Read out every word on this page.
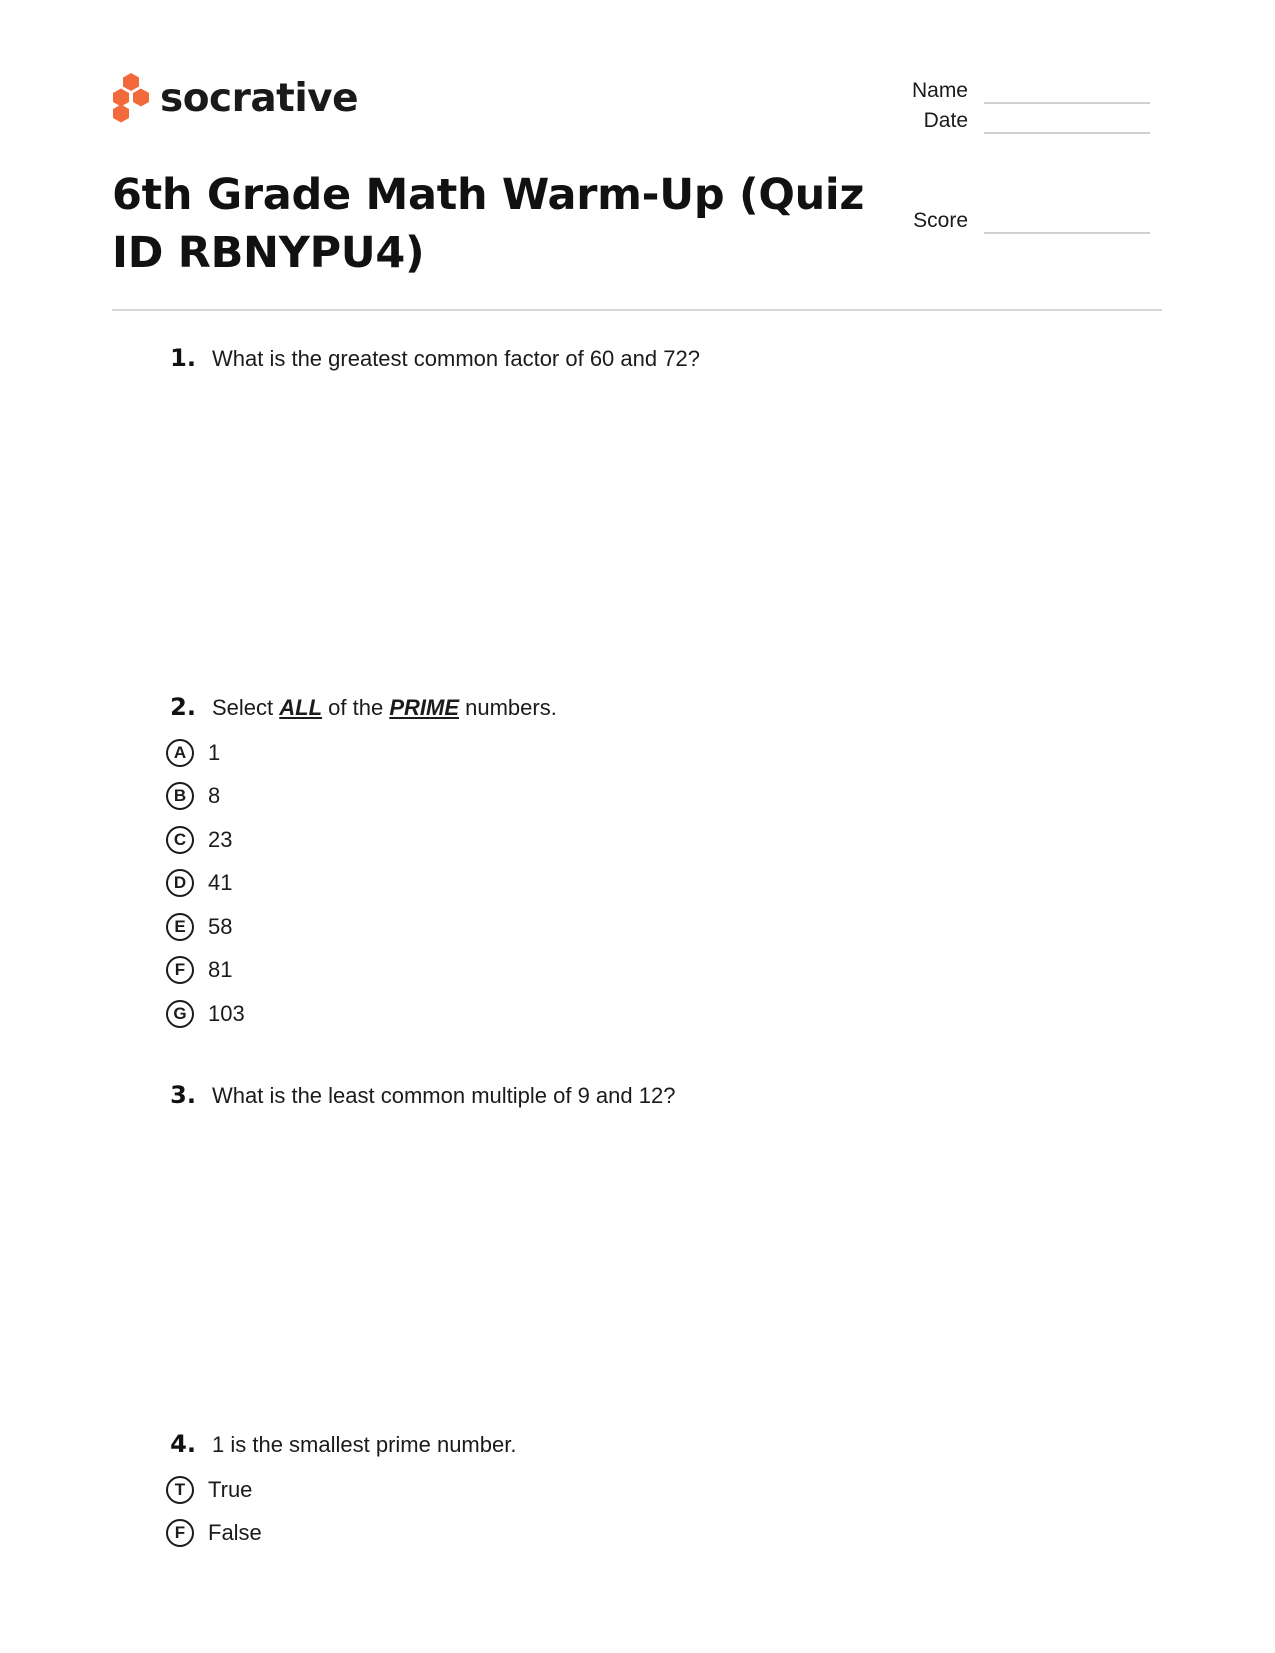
socrative	Name
Date
Score
6th Grade Math Warm-Up (Quiz ID RBNYPU4)
1. What is the greatest common factor of 60 and 72?
2. Select ALL of the PRIME numbers.
A 1
B 8
C 23
D 41
E	58
F	81
G 103
3. What is the least common multiple of 9 and 12?
4. 1 is the smallest prime number.
T	True
F	False
